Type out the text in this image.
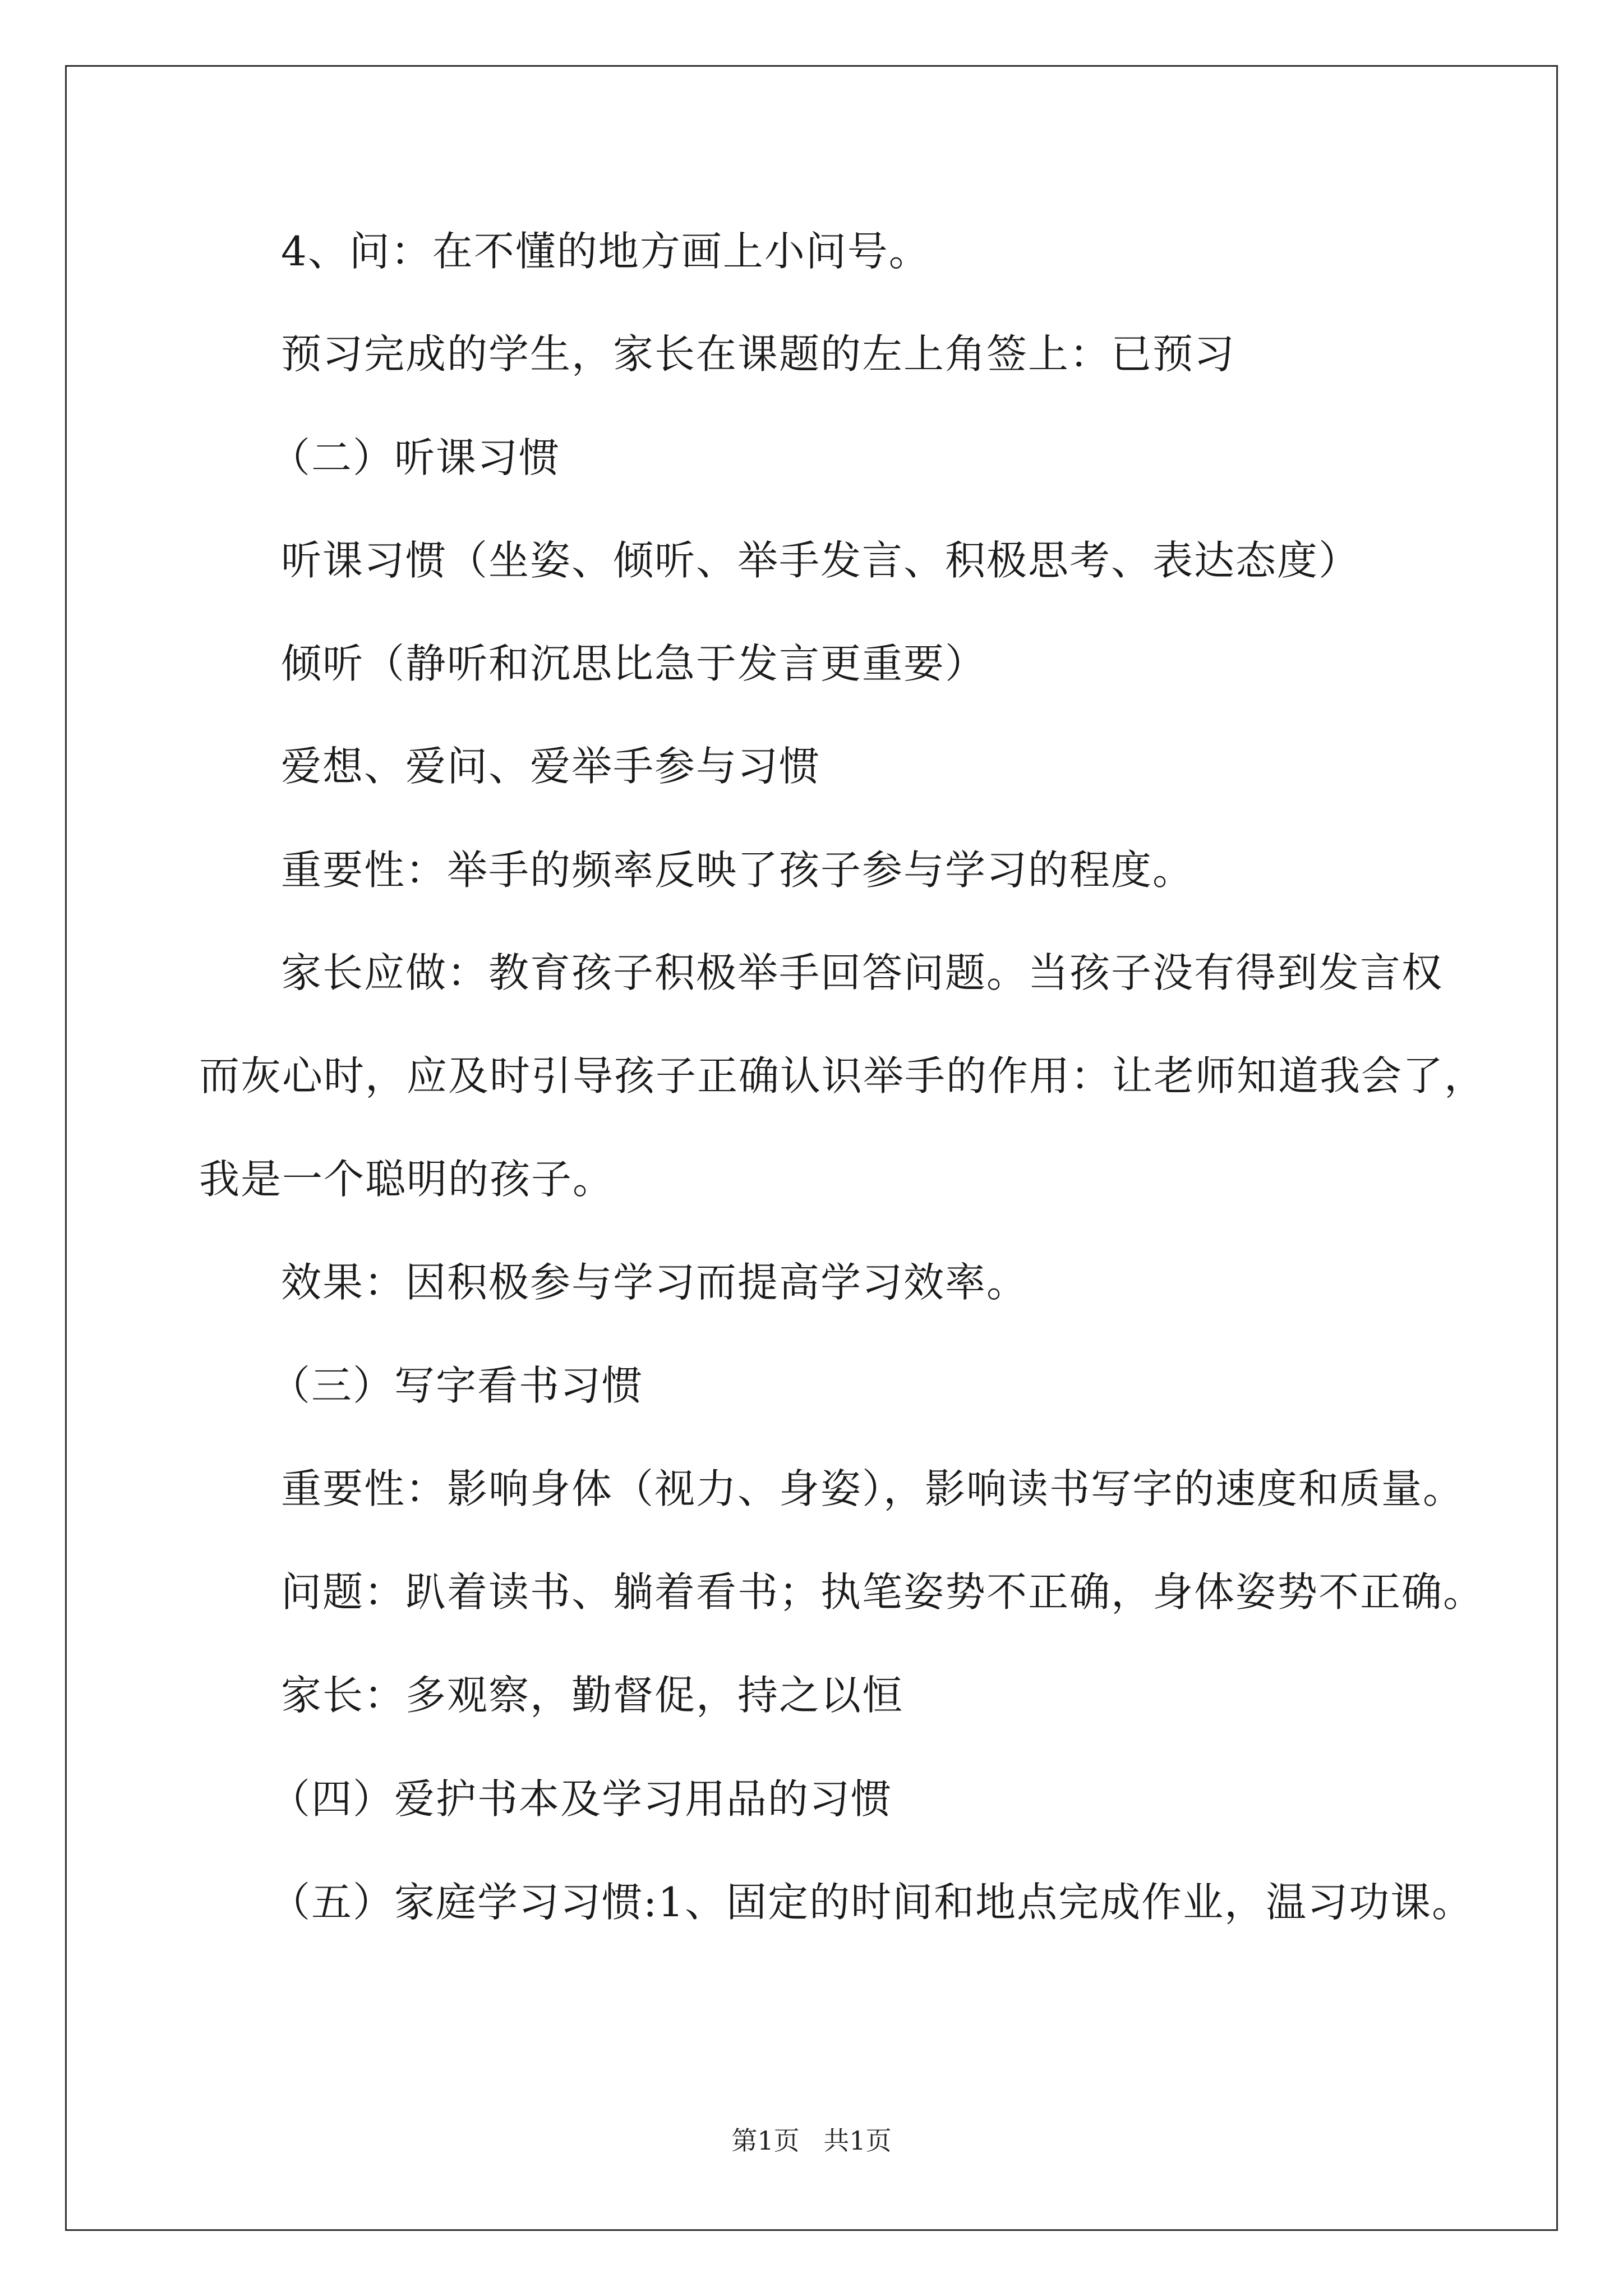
4、问：在不懂的地方画上小问号。
预习完成的学生，家长在课题的左上角签上：已预习
（二）听课习惯
听课习惯（坐姿、倾听、举手发言、积极思考、表达态度）
倾听（静听和沉思比急于发言更重要）
爱想、爱问、爱举手参与习惯
重要性：举手的频率反映了孩子参与学习的程度。
家长应做：教育孩子积极举手回答问题。当孩子没有得到发言权
而灰心时，应及时引导孩子正确认识举手的作用：让老师知道我会了，
我是一个聪明的孩子。
效果：因积极参与学习而提高学习效率。
（三）写字看书习惯
重要性：影响身体（视力、身姿），影响读书写字的速度和质量。
问题：趴着读书、躺着看书；执笔姿势不正确，身体姿势不正确。
家长：多观察，勤督促，持之以恒
（四）爱护书本及学习用品的习惯
（五）家庭学习习惯:1、固定的时间和地点完成作业，温习功课。
第1页 共1页
